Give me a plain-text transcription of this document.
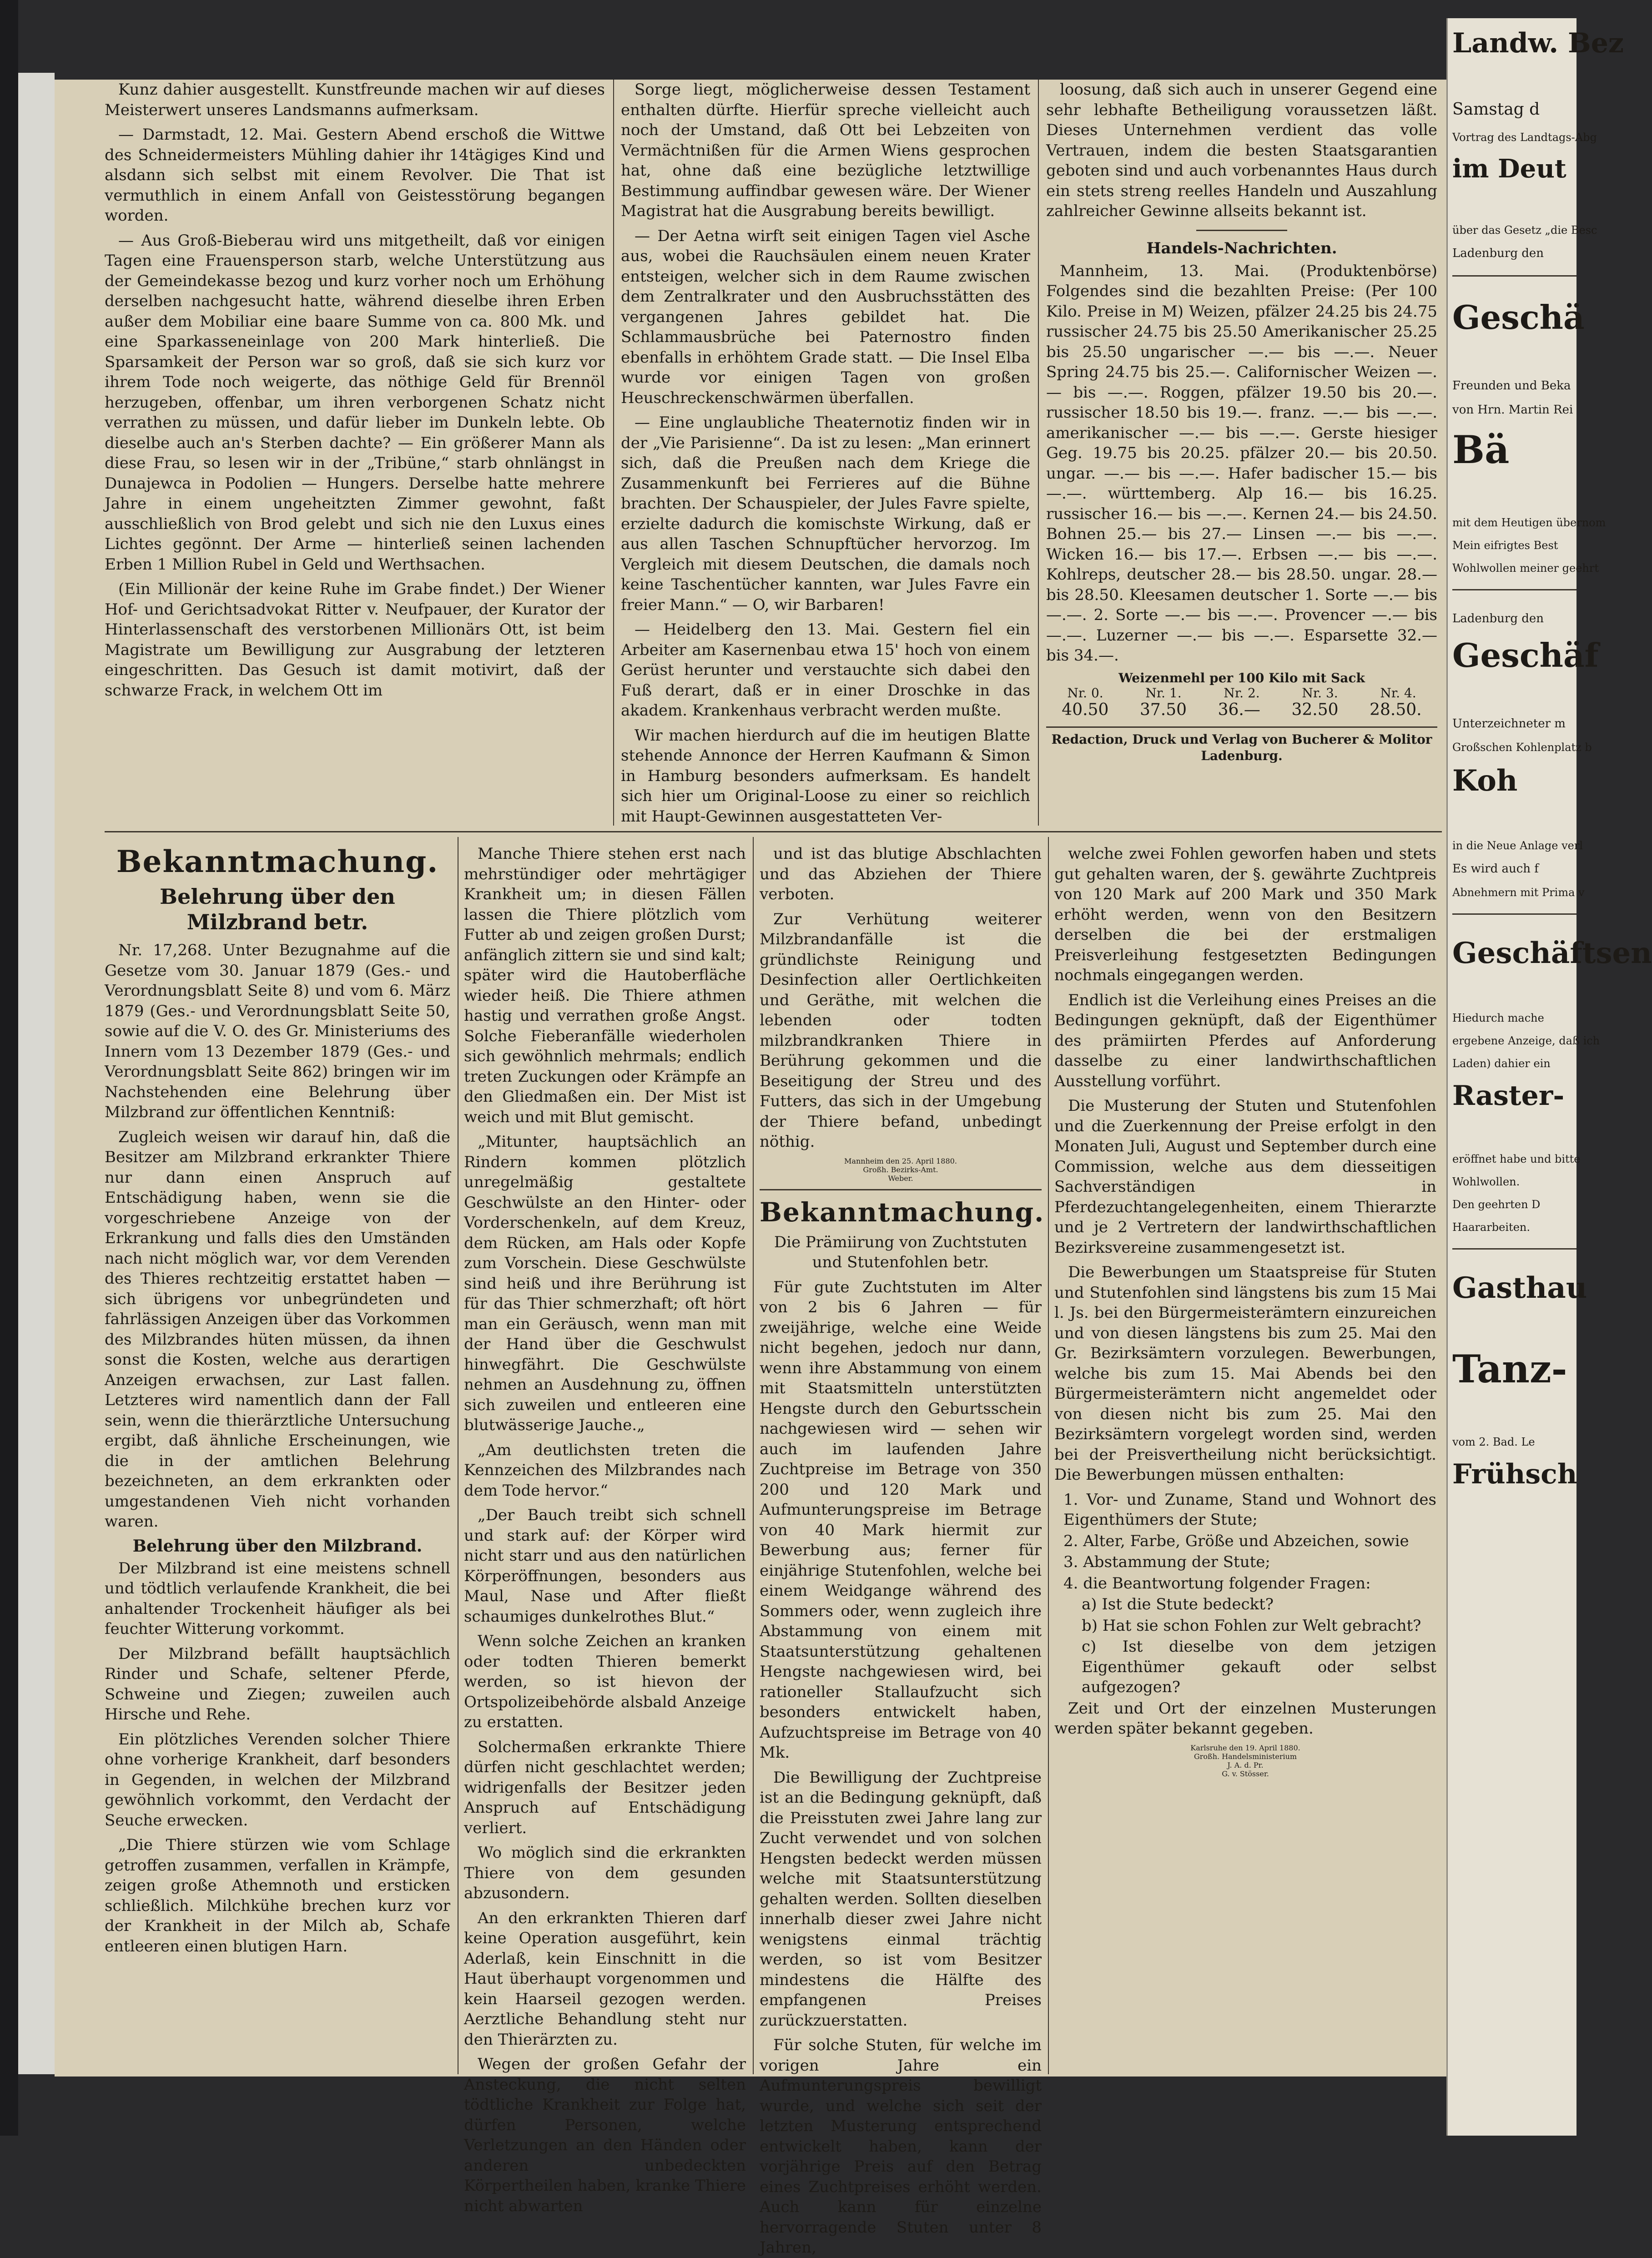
Kunz dahier ausgestellt. Kunstfreunde machen wir auf dieses Meisterwert unseres Landsmanns aufmerksam.

— Darmstadt, 12. Mai. Gestern Abend erschoß die Wittwe des Schneidermeisters Mühling dahier ihr 14tägiges Kind und alsdann sich selbst mit einem Revolver. Die That ist vermuthlich in einem Anfall von Geistesstörung begangen worden.

— Aus Groß-Bieberau wird uns mitgetheilt, daß vor einigen Tagen eine Frauensperson starb, welche Unterstützung aus der Gemeindekasse bezog und kurz vorher noch um Erhöhung derselben nachgesucht hatte, während dieselbe ihren Erben außer dem Mobiliar eine baare Summe von ca. 800 Mk. und eine Sparkasseneinlage von 200 Mark hinterließ. Die Sparsamkeit der Person war so groß, daß sie sich kurz vor ihrem Tode noch weigerte, das nöthige Geld für Brennöl herzugeben, offenbar, um ihren verborgenen Schatz nicht verrathen zu müssen, und dafür lieber im Dunkeln lebte. Ob dieselbe auch an's Sterben dachte? — Ein größerer Mann als diese Frau, so lesen wir in der „Tribüne,“ starb ohnlängst in Dunajewca in Podolien — Hungers. Derselbe hatte mehrere Jahre in einem ungeheitzten Zimmer gewohnt, faßt ausschließlich von Brod gelebt und sich nie den Luxus eines Lichtes gegönnt. Der Arme — hinterließ seinen lachenden Erben 1 Million Rubel in Geld und Werthsachen.

(Ein Millionär der keine Ruhe im Grabe findet.) Der Wiener Hof- und Gerichtsadvokat Ritter v. Neufpauer, der Kurator der Hinterlassenschaft des verstorbenen Millionärs Ott, ist beim Magistrate um Bewilligung zur Ausgrabung der letzteren eingeschritten. Das Gesuch ist damit motivirt, daß der schwarze Frack, in welchem Ott im

Sorge liegt, möglicherweise dessen Testament enthalten dürfte. Hierfür spreche vielleicht auch noch der Umstand, daß Ott bei Lebzeiten von Vermächtnißen für die Armen Wiens gesprochen hat, ohne daß eine bezügliche letztwillige Bestimmung auffindbar gewesen wäre. Der Wiener Magistrat hat die Ausgrabung bereits bewilligt.

— Der Aetna wirft seit einigen Tagen viel Asche aus, wobei die Rauchsäulen einem neuen Krater entsteigen, welcher sich in dem Raume zwischen dem Zentralkrater und den Ausbruchsstätten des vergangenen Jahres gebildet hat. Die Schlammausbrüche bei Paternostro finden ebenfalls in erhöhtem Grade statt. — Die Insel Elba wurde vor einigen Tagen von großen Heuschreckenschwärmen überfallen.

— Eine unglaubliche Theaternotiz finden wir in der „Vie Parisienne“. Da ist zu lesen: „Man erinnert sich, daß die Preußen nach dem Kriege die Zusammenkunft bei Ferrieres auf die Bühne brachten. Der Schauspieler, der Jules Favre spielte, erzielte dadurch die komischste Wirkung, daß er aus allen Taschen Schnupftücher hervorzog. Im Vergleich mit diesem Deutschen, die damals noch keine Taschentücher kannten, war Jules Favre ein freier Mann.“ — O, wir Barbaren!

— Heidelberg den 13. Mai. Gestern fiel ein Arbeiter am Kasernenbau etwa 15' hoch von einem Gerüst herunter und verstauchte sich dabei den Fuß derart, daß er in einer Droschke in das akadem. Krankenhaus verbracht werden mußte.

Wir machen hierdurch auf die im heutigen Blatte stehende Annonce der Herren Kaufmann & Simon in Hamburg besonders aufmerksam. Es handelt sich hier um Original-Loose zu einer so reichlich mit Haupt-Gewinnen ausgestatteten Ver-

loosung, daß sich auch in unserer Gegend eine sehr lebhafte Betheiligung voraussetzen läßt. Dieses Unternehmen verdient das volle Vertrauen, indem die besten Staatsgarantien geboten sind und auch vorbenanntes Haus durch ein stets streng reelles Handeln und Auszahlung zahlreicher Gewinne allseits bekannt ist.

Handels-Nachrichten.

Mannheim, 13. Mai. (Produktenbörse) Folgendes sind die bezahlten Preise: (Per 100 Kilo. Preise in M) Weizen, pfälzer 24.25 bis 24.75 russischer 24.75 bis 25.50 Amerikanischer 25.25 bis 25.50 ungarischer —.— bis —.—. Neuer Spring 24.75 bis 25.—. Californischer Weizen —.— bis —.—. Roggen, pfälzer 19.50 bis 20.—. russischer 18.50 bis 19.—. franz. —.— bis —.—. amerikanischer —.— bis —.—. Gerste hiesiger Geg. 19.75 bis 20.25. pfälzer 20.— bis 20.50. ungar. —.— bis —.—. Hafer badischer 15.— bis —.—. württemberg. Alp 16.— bis 16.25. russischer 16.— bis —.—. Kernen 24.— bis 24.50. Bohnen 25.— bis 27.— Linsen —.— bis —.—. Wicken 16.— bis 17.—. Erbsen —.— bis —.—. Kohlreps, deutscher 28.— bis 28.50. ungar. 28.— bis 28.50. Kleesamen deutscher 1. Sorte —.— bis —.—. 2. Sorte —.— bis —.—. Provencer —.— bis —.—. Luzerner —.— bis —.—. Esparsette 32.— bis 34.—.

Weizenmehl per 100 Kilo mit Sack

Nr. 0.	Nr. 1.	Nr. 2.	Nr. 3.	Nr. 4.
40.50 37.50 36.— 32.50 28.50.

Redaction, Druck und Verlag von Bucherer & Molitor Ladenburg.

Bekanntmachung.

Belehrung über den Milzbrand betr.

Nr. 17,268. Unter Bezugnahme auf die Gesetze vom 30. Januar 1879 (Ges.- und Verordnungsblatt Seite 8) und vom 6. März 1879 (Ges.- und Verordnungsblatt Seite 50, sowie auf die V. O. des Gr. Ministeriums des Innern vom 13 Dezember 1879 (Ges.- und Verordnungsblatt Seite 862) bringen wir im Nachstehenden eine Belehrung über Milzbrand zur öffentlichen Kenntniß:

Zugleich weisen wir darauf hin, daß die Besitzer am Milzbrand erkrankter Thiere nur dann einen Anspruch auf Entschädigung haben, wenn sie die vorgeschriebene Anzeige von der Erkrankung und falls dies den Umständen nach nicht möglich war, vor dem Verenden des Thieres rechtzeitig erstattet haben — sich übrigens vor unbegründeten und fahrlässigen Anzeigen über das Vorkommen des Milzbrandes hüten müssen, da ihnen sonst die Kosten, welche aus derartigen Anzeigen erwachsen, zur Last fallen. Letzteres wird namentlich dann der Fall sein, wenn die thierärztliche Untersuchung ergibt, daß ähnliche Erscheinungen, wie die in der amtlichen Belehrung bezeichneten, an dem erkrankten oder umgestandenen Vieh nicht vorhanden waren.

Belehrung über den Milzbrand.

Der Milzbrand ist eine meistens schnell und tödtlich verlaufende Krankheit, die bei anhaltender Trockenheit häufiger als bei feuchter Witterung vorkommt.

Der Milzbrand befällt hauptsächlich Rinder und Schafe, seltener Pferde, Schweine und Ziegen; zuweilen auch Hirsche und Rehe.

Ein plötzliches Verenden solcher Thiere ohne vorherige Krankheit, darf besonders in Gegenden, in welchen der Milzbrand gewöhnlich vorkommt, den Verdacht der Seuche erwecken.

„Die Thiere stürzen wie vom Schlage getroffen zusammen, verfallen in Krämpfe, zeigen große Athemnoth und ersticken schließlich. Milchkühe brechen kurz vor der Krankheit in der Milch ab, Schafe entleeren einen blutigen Harn.

Manche Thiere stehen erst nach mehrstündiger oder mehrtägiger Krankheit um; in diesen Fällen lassen die Thiere plötzlich vom Futter ab und zeigen großen Durst; anfänglich zittern sie und sind kalt; später wird die Hautoberfläche wieder heiß. Die Thiere athmen hastig und verrathen große Angst. Solche Fieberanfälle wiederholen sich gewöhnlich mehrmals; endlich treten Zuckungen oder Krämpfe an den Gliedmaßen ein. Der Mist ist weich und mit Blut gemischt.

„Mitunter, hauptsächlich an Rindern kommen plötzlich unregelmäßig gestaltete Geschwülste an den Hinter- oder Vorderschenkeln, auf dem Kreuz, dem Rücken, am Hals oder Kopfe zum Vorschein. Diese Geschwülste sind heiß und ihre Berührung ist für das Thier schmerzhaft; oft hört man ein Geräusch, wenn man mit der Hand über die Geschwulst hinwegfährt. Die Geschwülste nehmen an Ausdehnung zu, öffnen sich zuweilen und entleeren eine blutwässerige Jauche.„

„Am deutlichsten treten die Kennzeichen des Milzbrandes nach dem Tode hervor.“

„Der Bauch treibt sich schnell und stark auf: der Körper wird nicht starr und aus den natürlichen Körperöffnungen, besonders aus Maul, Nase und After fließt schaumiges dunkelrothes Blut.“

Wenn solche Zeichen an kranken oder todten Thieren bemerkt werden, so ist hievon der Ortspolizeibehörde alsbald Anzeige zu erstatten.

Solchermaßen erkrankte Thiere dürfen nicht geschlachtet werden; widrigenfalls der Besitzer jeden Anspruch auf Entschädigung verliert.

Wo möglich sind die erkrankten Thiere von dem gesunden abzusondern.

An den erkrankten Thieren darf keine Operation ausgeführt, kein Aderlaß, kein Einschnitt in die Haut überhaupt vorgenommen und kein Haarseil gezogen werden. Aerztliche Behandlung steht nur den Thierärzten zu.

Wegen der großen Gefahr der Ansteckung, die nicht selten tödtliche Krankheit zur Folge hat, dürfen Personen, welche Verletzungen an den Händen oder anderen unbedeckten Körpertheilen haben, kranke Thiere nicht abwarten

und ist das blutige Abschlachten und das Abziehen der Thiere verboten.

Zur Verhütung weiterer Milzbrandanfälle ist die gründlichste Reinigung und Desinfection aller Oertlichkeiten und Geräthe, mit welchen die lebenden oder todten milzbrandkranken Thiere in Berührung gekommen und die Beseitigung der Streu und des Futters, das sich in der Umgebung der Thiere befand, unbedingt nöthig.

Mannheim den 25. April 1880.

Großh. Bezirks-Amt.

Weber.

Bekanntmachung.

Die Prämiirung von Zuchtstuten und Stutenfohlen betr.

Für gute Zuchtstuten im Alter von 2 bis 6 Jahren — für zweijährige, welche eine Weide nicht begehen, jedoch nur dann, wenn ihre Abstammung von einem mit Staatsmitteln unterstützten Hengste durch den Geburtsschein nachgewiesen wird — sehen wir auch im laufenden Jahre Zuchtpreise im Betrage von 350 200 und 120 Mark und Aufmunterungspreise im Betrage von 40 Mark hiermit zur Bewerbung aus; ferner für einjährige Stutenfohlen, welche bei einem Weidgange während des Sommers oder, wenn zugleich ihre Abstammung von einem mit Staatsunterstützung gehaltenen Hengste nachgewiesen wird, bei rationeller Stallaufzucht sich besonders entwickelt haben, Aufzuchtspreise im Betrage von 40 Mk.

Die Bewilligung der Zuchtpreise ist an die Bedingung geknüpft, daß die Preisstuten zwei Jahre lang zur Zucht verwendet und von solchen Hengsten bedeckt werden müssen welche mit Staatsunterstützung gehalten werden. Sollten dieselben innerhalb dieser zwei Jahre nicht wenigstens einmal trächtig werden, so ist vom Besitzer mindestens die Hälfte des empfangenen Preises zurückzuerstatten.

Für solche Stuten, für welche im vorigen Jahre ein Aufmunterungspreis bewilligt wurde, und welche sich seit der letzten Musterung entsprechend entwickelt haben, kann der vorjährige Preis auf den Betrag eines Zuchtpreises erhöht werden. Auch kann für einzelne hervorragende Stuten unter 8 Jahren,

welche zwei Fohlen geworfen haben und stets gut gehalten waren, der §. gewährte Zuchtpreis von 120 Mark auf 200 Mark und 350 Mark erhöht werden, wenn von den Besitzern derselben die bei der erstmaligen Preisverleihung festgesetzten Bedingungen nochmals eingegangen werden.

Endlich ist die Verleihung eines Preises an die Bedingungen geknüpft, daß der Eigenthümer des prämiirten Pferdes auf Anforderung dasselbe zu einer landwirthschaftlichen Ausstellung vorführt.

Die Musterung der Stuten und Stutenfohlen und die Zuerkennung der Preise erfolgt in den Monaten Juli, August und September durch eine Commission, welche aus dem diesseitigen Sachverständigen in Pferdezuchtangelegenheiten, einem Thierarzte und je 2 Vertretern der landwirthschaftlichen Bezirksvereine zusammengesetzt ist.

Die Bewerbungen um Staatspreise für Stuten und Stutenfohlen sind längstens bis zum 15 Mai l. Js. bei den Bürgermeisterämtern einzureichen und von diesen längstens bis zum 25. Mai den Gr. Bezirksämtern vorzulegen. Bewerbungen, welche bis zum 15. Mai Abends bei den Bürgermeisterämtern nicht angemeldet oder von diesen nicht bis zum 25. Mai den Bezirksämtern vorgelegt worden sind, werden bei der Preisvertheilung nicht berücksichtigt. Die Bewerbungen müssen enthalten:

1. Vor- und Zuname, Stand und Wohnort des Eigenthümers der Stute;

2. Alter, Farbe, Größe und Abzeichen, sowie

3. Abstammung der Stute;

4. die Beantwortung folgender Fragen:

a) Ist die Stute bedeckt?

b) Hat sie schon Fohlen zur Welt gebracht?

c) Ist dieselbe von dem jetzigen Eigenthümer gekauft oder selbst aufgezogen?

Zeit und Ort der einzelnen Musterungen werden später bekannt gegeben.

Karlsruhe den 19. April 1880.

Großh. Handelsministerium

J. A. d. Pr.

G. v. Stösser.

Landw. Bez
Samstag d
Vortrag des Landtags-Abg
im Deut
über das Gesetz „die Besc
Ladenburg den
Geschä
Freunden und Beka
von Hrn. Martin Rei
Bä
mit dem Heutigen übernom
Mein eifrigtes Best
Wohlwollen meiner geehrt
Ladenburg den
Geschäf
Unterzeichneter m
Großschen Kohlenplatz b
Koh
in die Neue Anlage verl
Es wird auch f
Abnehmern mit Prima v
Geschäftsen
Hiedurch mache
ergebene Anzeige, daß ich
Laden) dahier ein
Raster-
eröffnet habe und bitte
Wohlwollen.
Den geehrten D
Haararbeiten.
Gasthau
Tanz-
vom 2. Bad. Le
Frühsch
